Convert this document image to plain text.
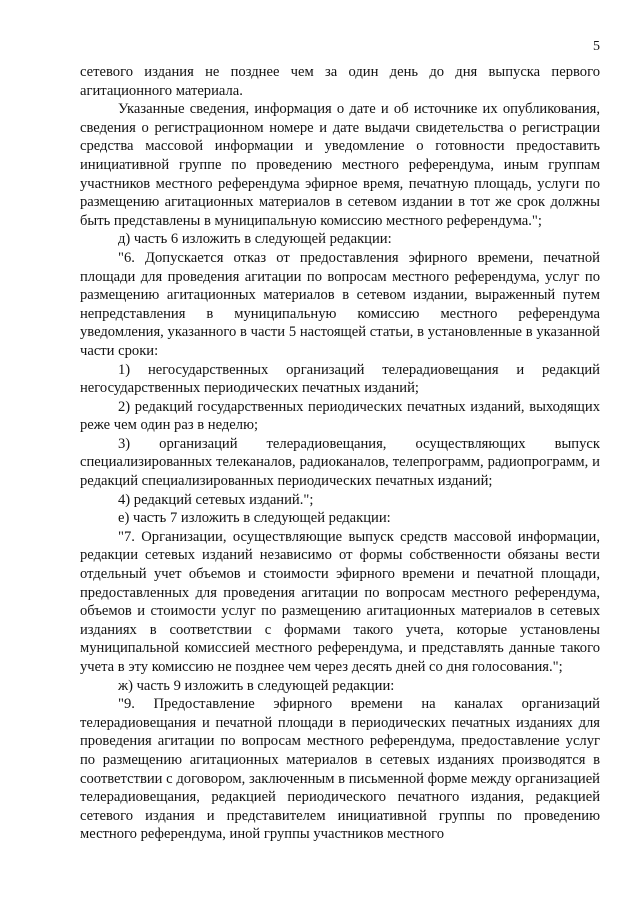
5

сетевого издания не позднее чем за один день до дня выпуска первого агитационного материала.

Указанные сведения, информация о дате и об источнике их опубликования, сведения о регистрационном номере и дате выдачи свидетельства о регистрации средства массовой информации и уведомление о готовности предоставить инициативной группе по проведению местного референдума, иным группам участников местного референдума эфирное время, печатную площадь, услуги по размещению агитационных материалов в сетевом издании в тот же срок должны быть представлены в муниципальную комиссию местного референдума.";

д) часть 6 изложить в следующей редакции:

"6. Допускается отказ от предоставления эфирного времени, печатной площади для проведения агитации по вопросам местного референдума, услуг по размещению агитационных материалов в сетевом издании, выраженный путем непредставления в муниципальную комиссию местного референдума уведомления, указанного в части 5 настоящей статьи, в установленные в указанной части сроки:

1) негосударственных организаций телерадиовещания и редакций негосударственных периодических печатных изданий;

2) редакций государственных периодических печатных изданий, выходящих реже чем один раз в неделю;

3) организаций телерадиовещания, осуществляющих выпуск специализированных телеканалов, радиоканалов, телепрограмм, радиопрограмм, и редакций специализированных периодических печатных изданий;

4) редакций сетевых изданий.";

е) часть 7 изложить в следующей редакции:

"7. Организации, осуществляющие выпуск средств массовой информации, редакции сетевых изданий независимо от формы собственности обязаны вести отдельный учет объемов и стоимости эфирного времени и печатной площади, предоставленных для проведения агитации по вопросам местного референдума, объемов и стоимости услуг по размещению агитационных материалов в сетевых изданиях в соответствии с формами такого учета, которые установлены муниципальной комиссией местного референдума, и представлять данные такого учета в эту комиссию не позднее чем через десять дней со дня голосования.";

ж) часть 9 изложить в следующей редакции:

"9. Предоставление эфирного времени на каналах организаций телерадиовещания и печатной площади в периодических печатных изданиях для проведения агитации по вопросам местного референдума, предоставление услуг по размещению агитационных материалов в сетевых изданиях производятся в соответствии с договором, заключенным в письменной форме между организацией телерадиовещания, редакцией периодического печатного издания, редакцией сетевого издания и представителем инициативной группы по проведению местного референдума, иной группы участников местного
